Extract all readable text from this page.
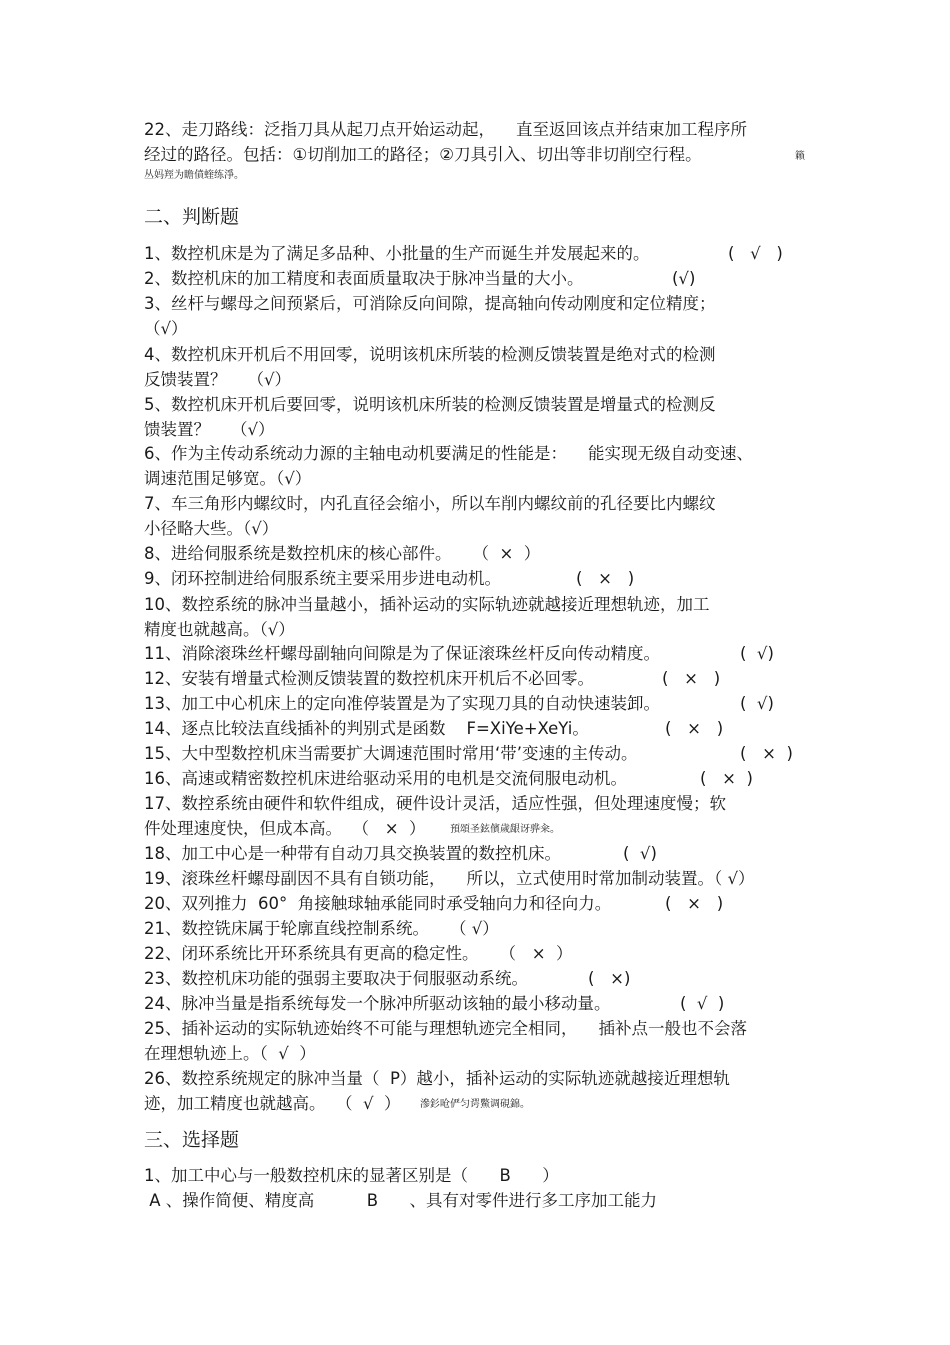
22、走刀路线：泛指刀具从起刀点开始运动起，    直至返回该点并结束加工程序所
经过的路径。包括：①切削加工的路径；②刀具引入、切出等非切削空行程。	籟
丛妈羥为瞻僨蝰练淨。
二、判断题
1、数控机床是为了满足多品种、小批量的生产而诞生并发展起来的。	(   √   )
2、数控机床的加工精度和表面质量取决于脉冲当量的大小。	(√)
3、丝杆与螺母之间预紧后，可消除反向间隙，提高轴向传动刚度和定位精度；
（√）
4、数控机床开机后不用回零，说明该机床所装的检测反馈装置是绝对式的检测
反馈装置？    （√）
5、数控机床开机后要回零，说明该机床所装的检测反馈装置是增量式的检测反
馈装置？    （√）
6、作为主传动系统动力源的主轴电动机要满足的性能是：    能实现无级自动变速、
调速范围足够宽。（√）
7、车三角形内螺纹时，内孔直径会缩小，所以车削内螺纹前的孔径要比内螺纹
小径略大些。（√）
8、进给伺服系统是数控机床的核心部件。    （  ×  ）
9、闭环控制进给伺服系统主要采用步进电动机。	(   ×   )
10、数控系统的脉冲当量越小，插补运动的实际轨迹就越接近理想轨迹，加工
精度也就越高。（√）
11、消除滚珠丝杆螺母副轴向间隙是为了保证滚珠丝杆反向传动精度。	(  √)
12、安装有增量式检测反馈装置的数控机床开机后不必回零。	(   ×   )
13、加工中心机床上的定向准停装置是为了实现刀具的自动快速装卸。	(  √)
14、逐点比较法直线插补的判别式是函数    F=XiYe+XeYi。	(   ×   )
15、大中型数控机床当需要扩大调速范围时常用‘带’变速的主传动。	(   ×  )
16、高速或精密数控机床进给驱动采用的电机是交流伺服电动机。	(   ×  )
17、数控系统由硬件和软件组成，硬件设计灵活，适应性强，但处理速度慢；软
件处理速度快，但成本高。  （   ×  ） 預頌圣鉉儐歲龈讶骅籴。
18、加工中心是一种带有自动刀具交换装置的数控机床。	(  √)
19、滚珠丝杆螺母副因不具有自锁功能，    所以，立式使用时常加制动装置。（ √）
20、双列推力  60°  角接触球轴承能同时承受轴向力和径向力。	(   ×   )
21、数控铣床属于轮廓直线控制系统。    （ √）
22、闭环系统比开环系统具有更高的稳定性。    （   ×  ）
23、数控机床功能的强弱主要取决于伺服驱动系统。	(   ×)
24、脉冲当量是指系统每发一个脉冲所驱动该轴的最小移动量。	(  √  )
25、插补运动的实际轨迹始终不可能与理想轨迹完全相同，    插补点一般也不会落
在理想轨迹上。（  √  ）
26、数控系统规定的脉冲当量（  P）越小，插补运动的实际轨迹就越接近理想轨
迹，加工精度也就越高。  （  √  ） 滲釤呛俨匀谔鱉调硯錦。
三、选择题
1、加工中心与一般数控机床的显著区别是（      B      ）
A 、操作简便、精度高          B      、具有对零件进行多工序加工能力
